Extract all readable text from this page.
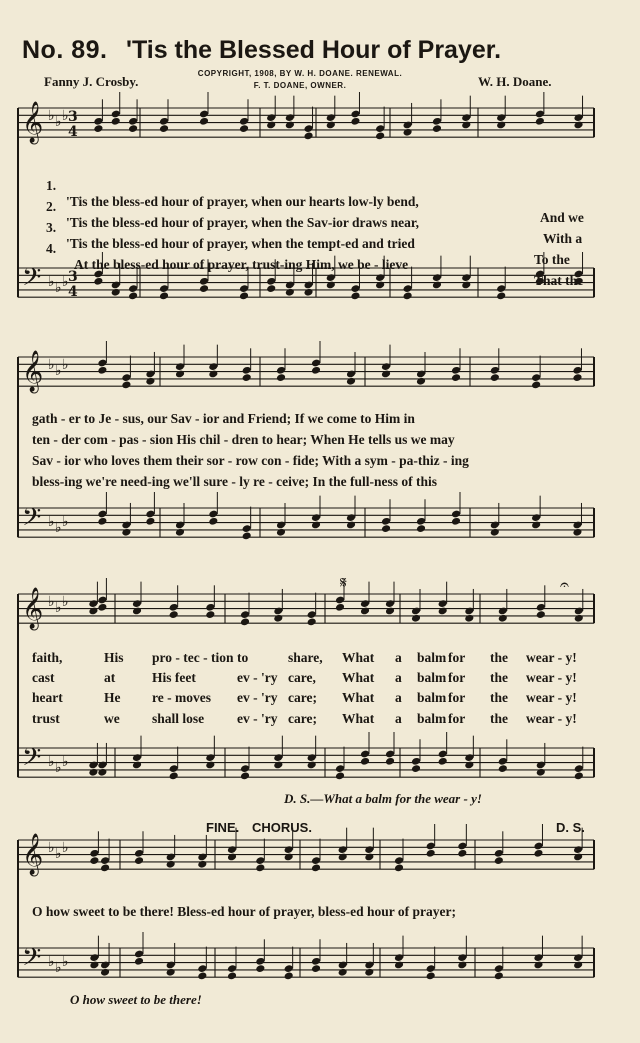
No. 89. 'Tis the Blessed Hour of Prayer.
Fanny J. Crosby.	W. H. Doane.
COPYRIGHT, 1908, BY W. H. DOANE. RENEWAL.
F. T. DOANE, OWNER.
𝄞
𝄢
♭
♭
♭
♭
♭
♭
3
4
3
4
𝄞
𝄢
♭
♭
♭
♭
♭
♭
𝄞
𝄢
♭
♭
♭
♭
♭
♭
𝄞
𝄢
♭
♭
♭
♭
♭
♭
𝄋	𝄐

1.

'Tis the bless-ed hour of prayer, when our hearts low-ly bend,

And we

2.

'Tis the bless-ed hour of prayer, when the Sav-ior draws near,

With a

3.

'Tis the bless-ed hour of prayer, when the tempt-ed and tried

To the

4.

At the bless-ed hour of prayer, trust-ing Him, we be - lieve

That the

gath - er to Je - sus, our Sav - ior and Friend; If we come to Him in
ten - der com - pas - sion His chil - dren to hear; When He tells us we may
Sav - ior who loves them their sor - row con - fide; With a sym - pa-thiz - ing
bless-ing we're need-ing we'll sure - ly re - ceive; In the full-ness of this
faith,	His pro - tec - tion to	share, What a balm for the wear - y!
cast	at	His feet	ev - 'ry care, What a balm for the wear - y!
heart	He re - moves ev - 'ry care; What a balm for the wear - y!
trust	we shall lose ev - 'ry care; What a balm for the wear - y!
D. S.—What a balm for the wear - y!
FINE. CHORUS.	D. S.
O how sweet to be there! Bless-ed hour of prayer, bless-ed hour of prayer;
O how sweet to be there!
